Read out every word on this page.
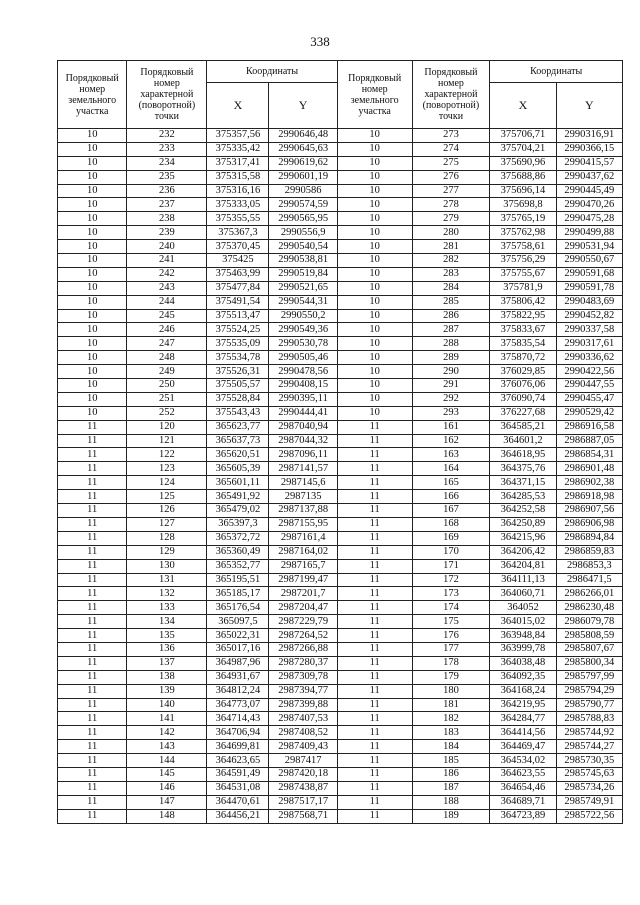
338
Порядковый номер земельного участка	Порядковый номер характерной (поворотной) точки	Координаты		Порядковый номер земельного участка	Порядковый номер характерной (поворотной) точки	Координаты	
		X	Y			X	Y
10	232	375357,56	2990646,48	10	273	375706,71	2990316,91
10	233	375335,42	2990645,63	10	274	375704,21	2990366,15
10	234	375317,41	2990619,62	10	275	375690,96	2990415,57
10	235	375315,58	2990601,19	10	276	375688,86	2990437,62
10	236	375316,16	2990586	10	277	375696,14	2990445,49
10	237	375333,05	2990574,59	10	278	375698,8	2990470,26
10	238	375355,55	2990565,95	10	279	375765,19	2990475,28
10	239	375367,3	2990556,9	10	280	375762,98	2990499,88
10	240	375370,45	2990540,54	10	281	375758,61	2990531,94
10	241	375425	2990538,81	10	282	375756,29	2990550,67
10	242	375463,99	2990519,84	10	283	375755,67	2990591,68
10	243	375477,84	2990521,65	10	284	375781,9	2990591,78
10	244	375491,54	2990544,31	10	285	375806,42	2990483,69
10	245	375513,47	2990550,2	10	286	375822,95	2990452,82
10	246	375524,25	2990549,36	10	287	375833,67	2990337,58
10	247	375535,09	2990530,78	10	288	375835,54	2990317,61
10	248	375534,78	2990505,46	10	289	375870,72	2990336,62
10	249	375526,31	2990478,56	10	290	376029,85	2990422,56
10	250	375505,57	2990408,15	10	291	376076,06	2990447,55
10	251	375528,84	2990395,11	10	292	376090,74	2990455,47
10	252	375543,43	2990444,41	10	293	376227,68	2990529,42
11	120	365623,77	2987040,94	11	161	364585,21	2986916,58
11	121	365637,73	2987044,32	11	162	364601,2	2986887,05
11	122	365620,51	2987096,11	11	163	364618,95	2986854,31
11	123	365605,39	2987141,57	11	164	364375,76	2986901,48
11	124	365601,11	2987145,6	11	165	364371,15	2986902,38
11	125	365491,92	2987135	11	166	364285,53	2986918,98
11	126	365479,02	2987137,88	11	167	364252,58	2986907,56
11	127	365397,3	2987155,95	11	168	364250,89	2986906,98
11	128	365372,72	2987161,4	11	169	364215,96	2986894,84
11	129	365360,49	2987164,02	11	170	364206,42	2986859,83
11	130	365352,77	2987165,7	11	171	364204,81	2986853,3
11	131	365195,51	2987199,47	11	172	364111,13	2986471,5
11	132	365185,17	2987201,7	11	173	364060,71	2986266,01
11	133	365176,54	2987204,47	11	174	364052	2986230,48
11	134	365097,5	2987229,79	11	175	364015,02	2986079,78
11	135	365022,31	2987264,52	11	176	363948,84	2985808,59
11	136	365017,16	2987266,88	11	177	363999,78	2985807,67
11	137	364987,96	2987280,37	11	178	364038,48	2985800,34
11	138	364931,67	2987309,78	11	179	364092,35	2985797,99
11	139	364812,24	2987394,77	11	180	364168,24	2985794,29
11	140	364773,07	2987399,88	11	181	364219,95	2985790,77
11	141	364714,43	2987407,53	11	182	364284,77	2985788,83
11	142	364706,94	2987408,52	11	183	364414,56	2985744,92
11	143	364699,81	2987409,43	11	184	364469,47	2985744,27
11	144	364623,65	2987417	11	185	364534,02	2985730,35
11	145	364591,49	2987420,18	11	186	364623,55	2985745,63
11	146	364531,08	2987438,87	11	187	364654,46	2985734,26
11	147	364470,61	2987517,17	11	188	364689,71	2985749,91
11	148	364456,21	2987568,71	11	189	364723,89	2985722,56
